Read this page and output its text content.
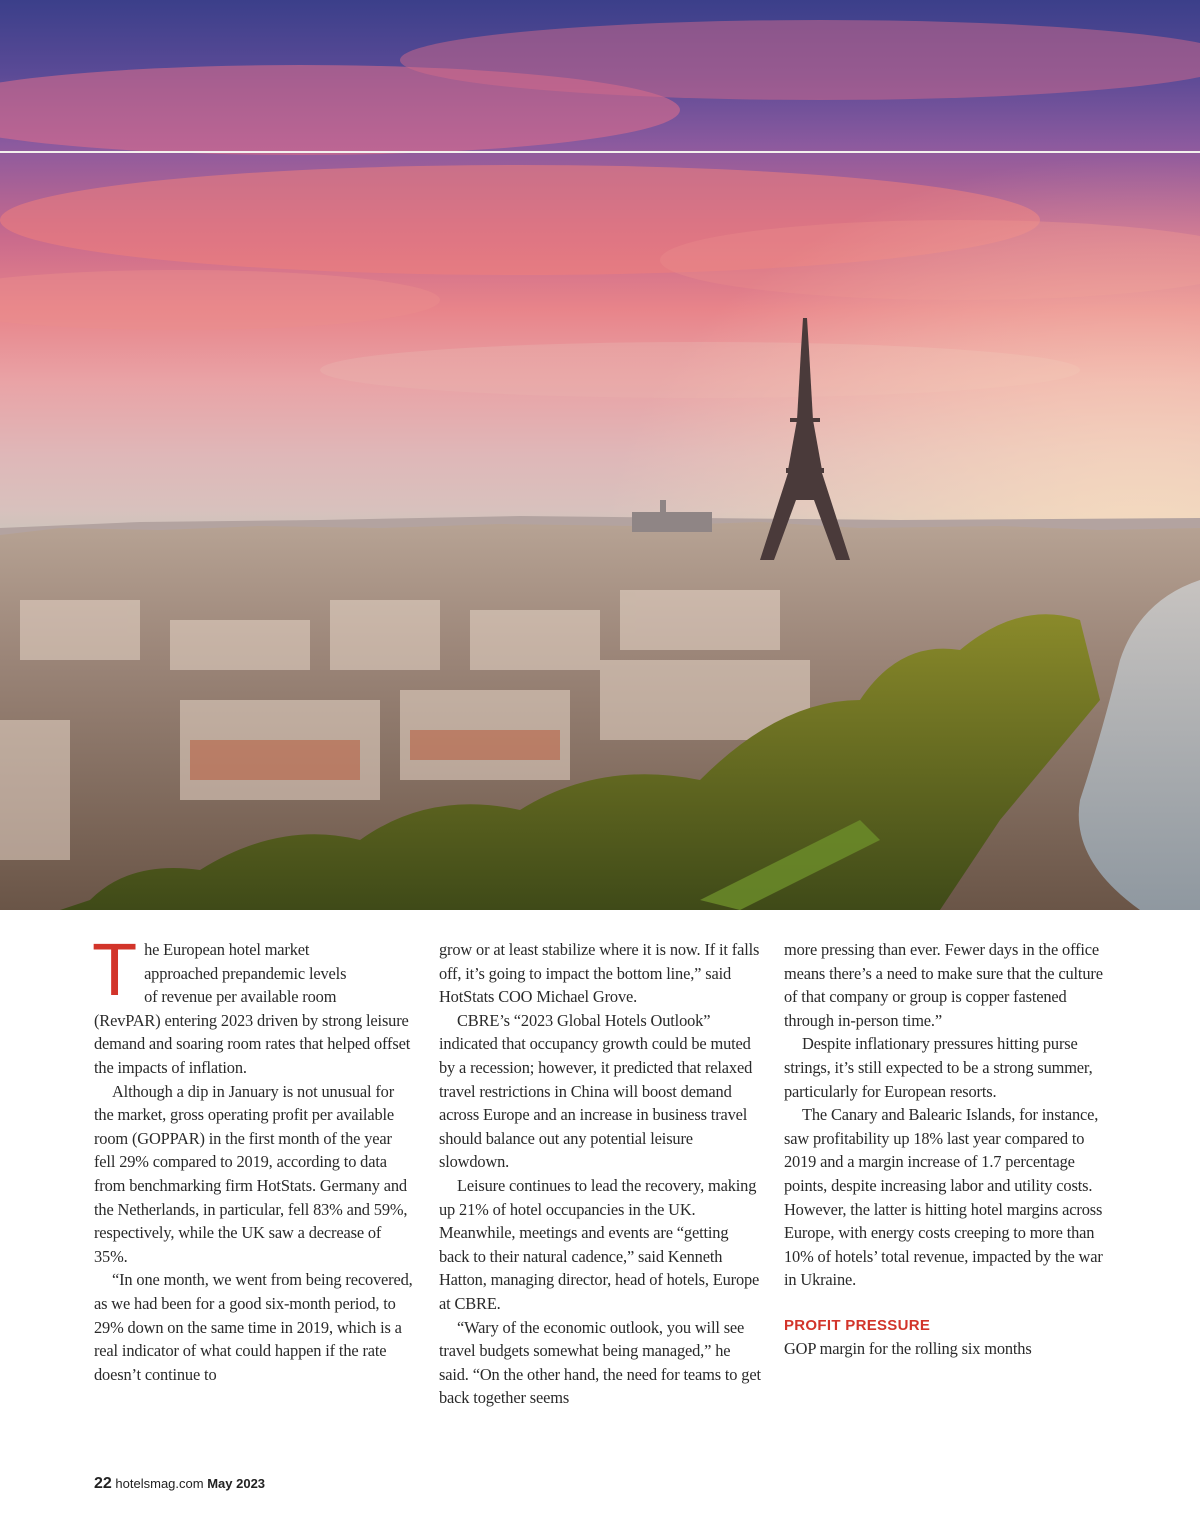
T he European hotel market
approached prepandemic levels
of revenue per available room
(RevPAR) entering 2023 driven by strong leisure demand and soaring room rates that helped offset the impacts of inflation.

Although a dip in January is not unusual for the market, gross operating profit per available room (GOPPAR) in the first month of the year fell 29% compared to 2019, according to data from benchmarking firm HotStats. Germany and the Netherlands, in particular, fell 83% and 59%, respectively, while the UK saw a decrease of 35%.

“In one month, we went from being recovered, as we had been for a good six-month period, to 29% down on the same time in 2019, which is a real indicator of what could happen if the rate doesn’t continue to

grow or at least stabilize where it is now. If it falls off, it’s going to impact the bottom line,” said HotStats COO Michael Grove.

CBRE’s “2023 Global Hotels Outlook” indicated that occupancy growth could be muted by a recession; however, it predicted that relaxed travel restrictions in China will boost demand across Europe and an increase in business travel should balance out any potential leisure slowdown.

Leisure continues to lead the recovery, making up 21% of hotel occupancies in the UK. Meanwhile, meetings and events are “getting back to their natural cadence,” said Kenneth Hatton, managing director, head of hotels, Europe at CBRE.

“Wary of the economic outlook, you will see travel budgets somewhat being managed,” he said. “On the other hand, the need for teams to get back together seems

more pressing than ever. Fewer days in the office means there’s a need to make sure that the culture of that company or group is copper fastened through in-person time.”

Despite inflationary pressures hitting purse strings, it’s still expected to be a strong summer, particularly for European resorts.

The Canary and Balearic Islands, for instance, saw profitability up 18% last year compared to 2019 and a margin increase of 1.7 percentage points, despite increasing labor and utility costs. However, the latter is hitting hotel margins across Europe, with energy costs creeping to more than 10% of hotels’ total revenue, impacted by the war in Ukraine.

PROFIT PRESSURE

GOP margin for the rolling six months

22 hotelsmag.com May 2023
